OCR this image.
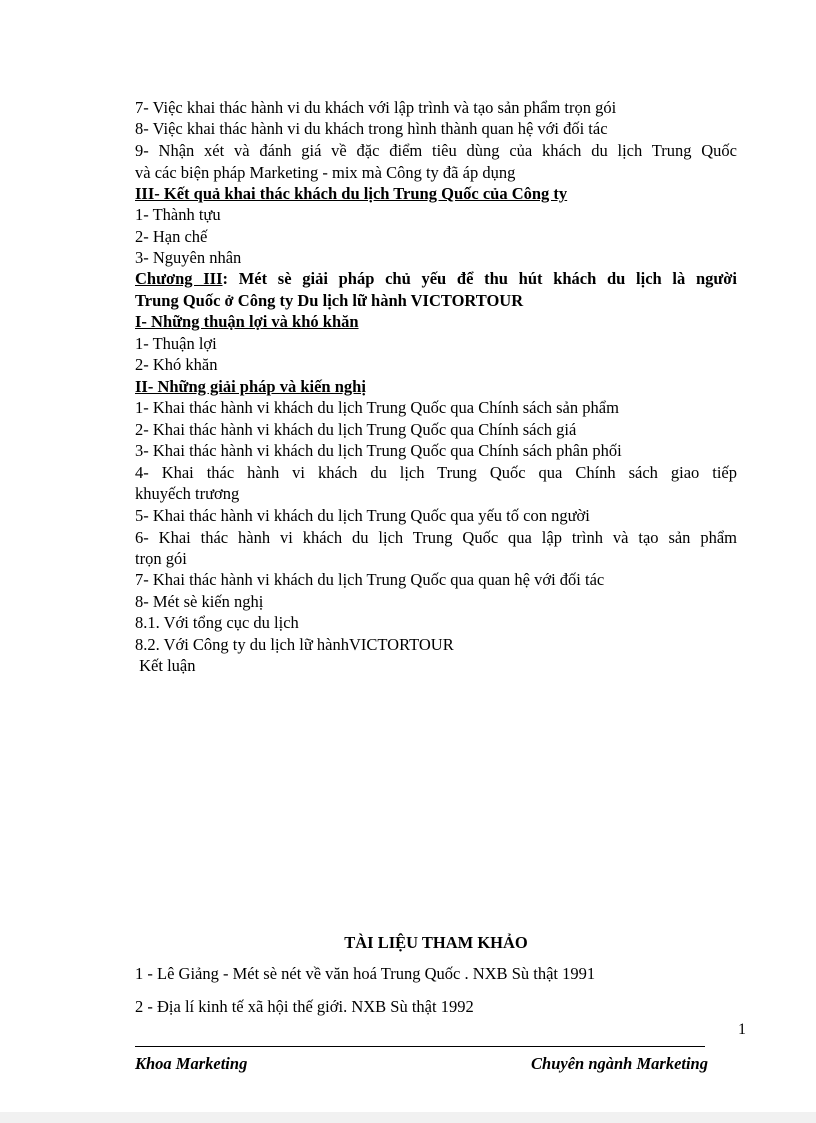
7- Việc khai thác hành vi du khách với lập trình và tạo sản phẩm trọn gói
8- Việc khai thác hành vi du khách trong hình thành quan hệ với đối tác
9- Nhận xét và đánh giá về đặc điểm tiêu dùng của khách du lịch Trung Quốc
và các biện pháp Marketing - mix mà Công ty đã áp dụng
III- Kết quả khai thác khách du lịch Trung Quốc của Công ty
1- Thành tựu
2- Hạn chế
3- Nguyên nhân
Chương III: Mét sè giải pháp chủ yếu để thu hút khách du lịch là người
Trung Quốc ở Công ty Du lịch lữ hành VICTORTOUR
I- Những thuận lợi và khó khăn
1- Thuận lợi
2- Khó khăn
II- Những giải pháp và kiến nghị
1- Khai thác hành vi khách du lịch Trung Quốc qua Chính sách sản phẩm
2- Khai thác hành vi khách du lịch Trung Quốc qua Chính sách giá
3- Khai thác hành vi khách du lịch Trung Quốc qua Chính sách phân phối
4- Khai thác hành vi khách du lịch Trung Quốc qua Chính sách giao tiếp
khuyếch trương
5- Khai thác hành vi khách du lịch Trung Quốc qua yếu tố con người
6- Khai thác hành vi khách du lịch Trung Quốc qua lập trình và tạo sản phẩm
trọn gói
7- Khai thác hành vi khách du lịch Trung Quốc qua quan hệ với đối tác
8- Mét sè kiến nghị
8.1. Với tổng cục du lịch
8.2. Với Công ty du lịch lữ hànhVICTORTOUR
Kết luận
TÀI LIỆU THAM KHẢO
1 - Lê Giảng - Mét sè nét về văn hoá Trung Quốc . NXB Sù thật 1991
2 - Địa lí kinh tế xã hội thế giới. NXB Sù thật 1992
1
Khoa Marketing	Chuyên ngành Marketing
